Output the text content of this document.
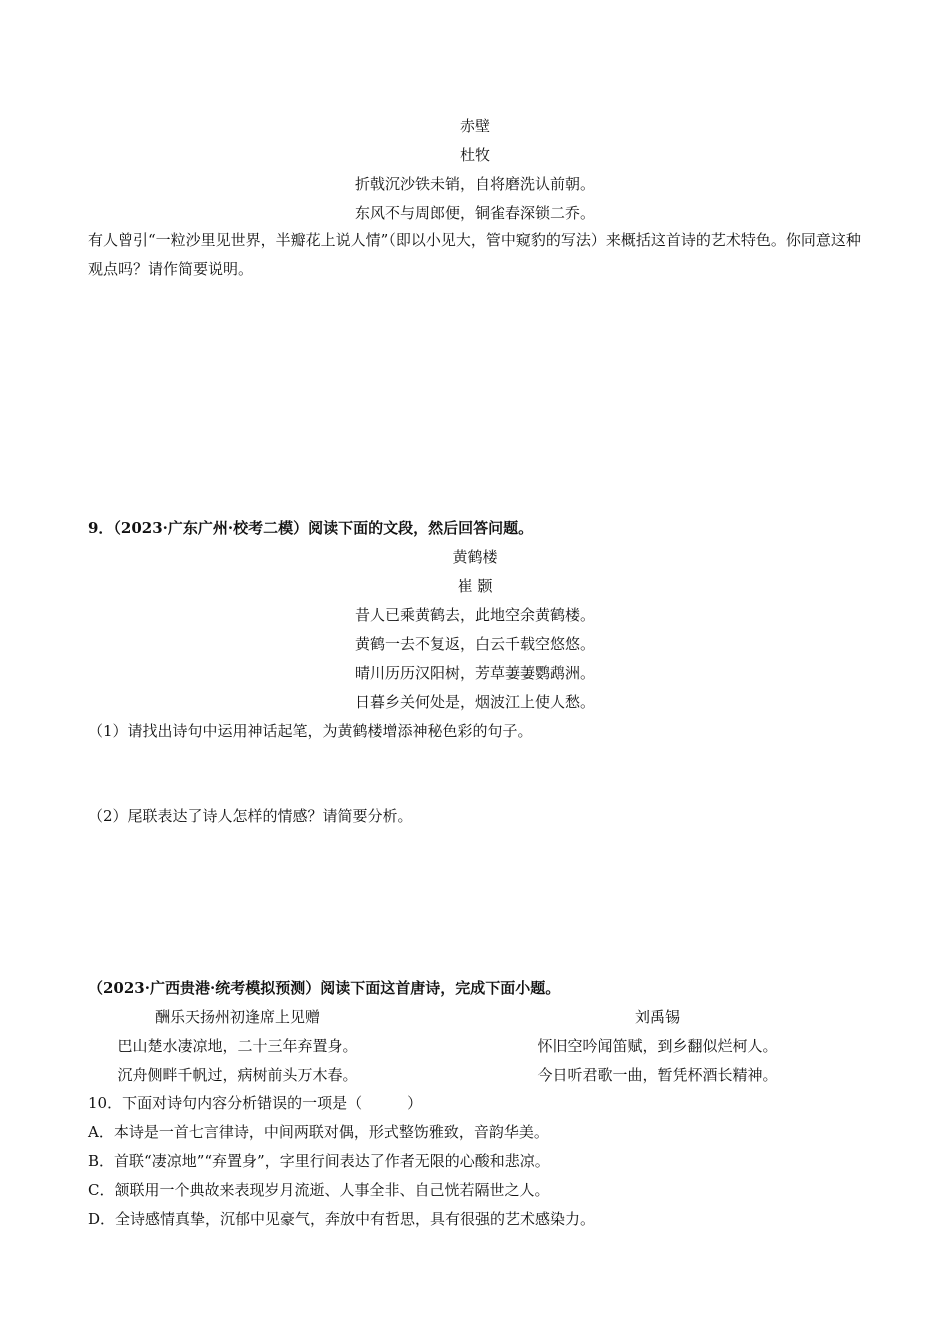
赤壁
杜牧
折戟沉沙铁未销，自将磨洗认前朝。
东风不与周郎便，铜雀春深锁二乔。
有人曾引“一粒沙里见世界，半瓣花上说人情”（即以小见大，管中窥豹的写法）来概括这首诗的艺术特色。你同意这种观点吗？请作简要说明。
9．（2023·广东广州·校考二模）阅读下面的文段，然后回答问题。
黄鹤楼
崔 颢
昔人已乘黄鹤去，此地空余黄鹤楼。
黄鹤一去不复返，白云千载空悠悠。
晴川历历汉阳树，芳草萋萋鹦鹉洲。
日暮乡关何处是，烟波江上使人愁。
（1）请找出诗句中运用神话起笔，为黄鹤楼增添神秘色彩的句子。
（2）尾联表达了诗人怎样的情感？请简要分析。
（2023·广西贵港·统考模拟预测）阅读下面这首唐诗，完成下面小题。
酬乐天扬州初逢席上见赠	刘禹锡
巴山楚水凄凉地，二十三年弃置身。	怀旧空吟闻笛赋，到乡翻似烂柯人。
沉舟侧畔千帆过，病树前头万木春。	今日听君歌一曲，暂凭杯酒长精神。
10．下面对诗句内容分析错误的一项是（　　　）
A．本诗是一首七言律诗，中间两联对偶，形式整饬雅致，音韵华美。
B．首联“凄凉地”“弃置身”，字里行间表达了作者无限的心酸和悲凉。
C．颔联用一个典故来表现岁月流逝、人事全非、自己恍若隔世之人。
D．全诗感情真挚，沉郁中见豪气，奔放中有哲思，具有很强的艺术感染力。
